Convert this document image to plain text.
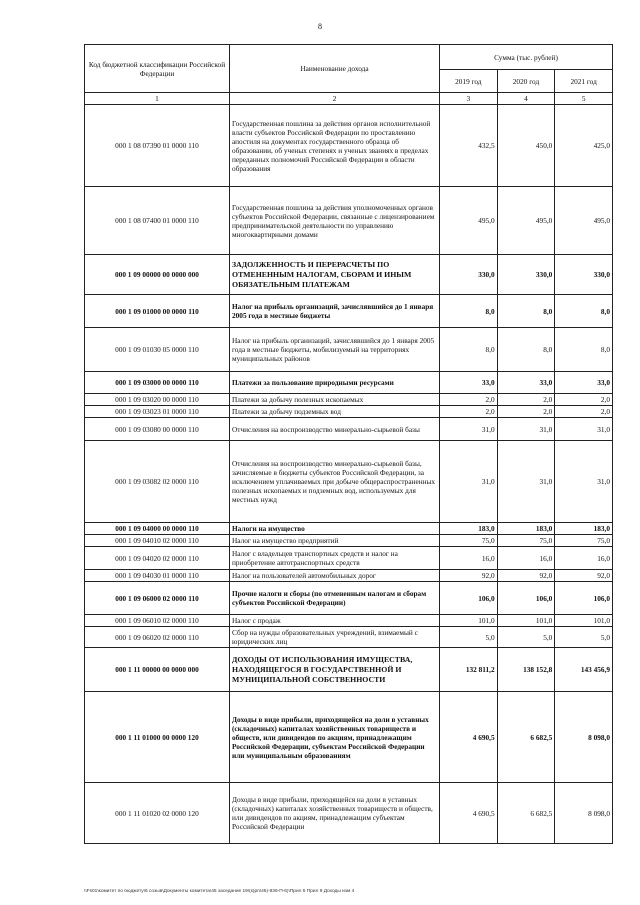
8
Код бюджетной классификации Российской Федерации	Наименование дохода	Сумма (тыс. рублей)		
		2019 год	2020 год	2021 год
1	2	3	4	5
000 1 08 07390 01 0000 110	Государственная пошлина за действия органов исполнительной власти субъектов Российской Федерации по проставлению апостиля на документах государственного образца об образовании, об ученых степенях и ученых званиях в пределах переданных полномочий Российской Федерации в области образования	432,5	450,0	425,0
000 1 08 07400 01 0000 110	Государственная пошлина за действия уполномоченных органов субъектов Российской Федерации, связанные с лицензированием предпринимательской деятельности по управлению многоквартирными домами	495,0	495,0	495,0
000 1 09 00000 00 0000 000	ЗАДОЛЖЕННОСТЬ И ПЕРЕРАСЧЕТЫ ПО ОТМЕНЕННЫМ НАЛОГАМ, СБОРАМ И ИНЫМ ОБЯЗАТЕЛЬНЫМ ПЛАТЕЖАМ	330,0	330,0	330,0
000 1 09 01000 00 0000 110	Налог на прибыль организаций, зачислявшийся до 1 января 2005 года в местные бюджеты	8,0	8,0	8,0
000 1 09 01030 05 0000 110	Налог на прибыль организаций, зачислявшийся до 1 января 2005 года в местные бюджеты, мобилизуемый на территориях муниципальных районов	8,0	8,0	8,0
000 1 09 03000 00 0000 110	Платежи за пользование природными ресурсами	33,0	33,0	33,0
000 1 09 03020 00 0000 110	Платежи за добычу полезных ископаемых	2,0	2,0	2,0
000 1 09 03023 01 0000 110	Платежи за добычу подземных вод	2,0	2,0	2,0
000 1 09 03080 00 0000 110	Отчисления на воспроизводство минерально-сырьевой базы	31,0	31,0	31,0
000 1 09 03082 02 0000 110	Отчисления на воспроизводство минерально-сырьевой базы, зачисляемые в бюджеты субъектов Российской Федерации, за исключением уплачиваемых при добыче общераспространенных полезных ископаемых и подземных вод, используемых для местных нужд	31,0	31,0	31,0
000 1 09 04000 00 0000 110	Налоги на имущество	183,0	183,0	183,0
000 1 09 04010 02 0000 110	Налог на имущество предприятий	75,0	75,0	75,0
000 1 09 04020 02 0000 110	Налог с владельцев транспортных средств и налог на приобретение автотранспортных средств	16,0	16,0	16,0
000 1 09 04030 01 0000 110	Налог на пользователей автомобильных дорог	92,0	92,0	92,0
000 1 09 06000 02 0000 110	Прочие налоги и сборы (по отмененным налогам и сборам субъектов Российской Федерации)	106,0	106,0	106,0
000 1 09 06010 02 0000 110	Налог с продаж	101,0	101,0	101,0
000 1 09 06020 02 0000 110	Сбор на нужды образовательных учреждений, взимаемый с юридических лиц	5,0	5,0	5,0
000 1 11 00000 00 0000 000	ДОХОДЫ ОТ ИСПОЛЬЗОВАНИЯ ИМУЩЕСТВА, НАХОДЯЩЕГОСЯ В ГОСУДАРСТВЕННОЙ И МУНИЦИПАЛЬНОЙ СОБСТВЕННОСТИ	132 811,2	138 152,8	143 456,9
000 1 11 01000 00 0000 120	Доходы в виде прибыли, приходящейся на доли в уставных (складочных) капиталах хозяйственных товариществ и обществ, или дивидендов по акциям, принадлежащим Российской Федерации, субъектам Российской Федерации или муниципальным образованиям	4 690,5	6 682,5	8 098,0
000 1 11 01020 02 0000 120	Доходы в виде прибыли, приходящейся на доли в уставных (складочных) капиталах хозяйственных товариществ и обществ, или дивидендов по акциям, принадлежащим субъектам Российской Федерации	4 690,5	6 682,5	8 098,0
\\Fs01\комитет по бюджету\6 созыв\Документы комитета\45 заседание 19\(к)рп\45)-836-П-6)\Прил 5 Прил 9 Доходы изм 4
